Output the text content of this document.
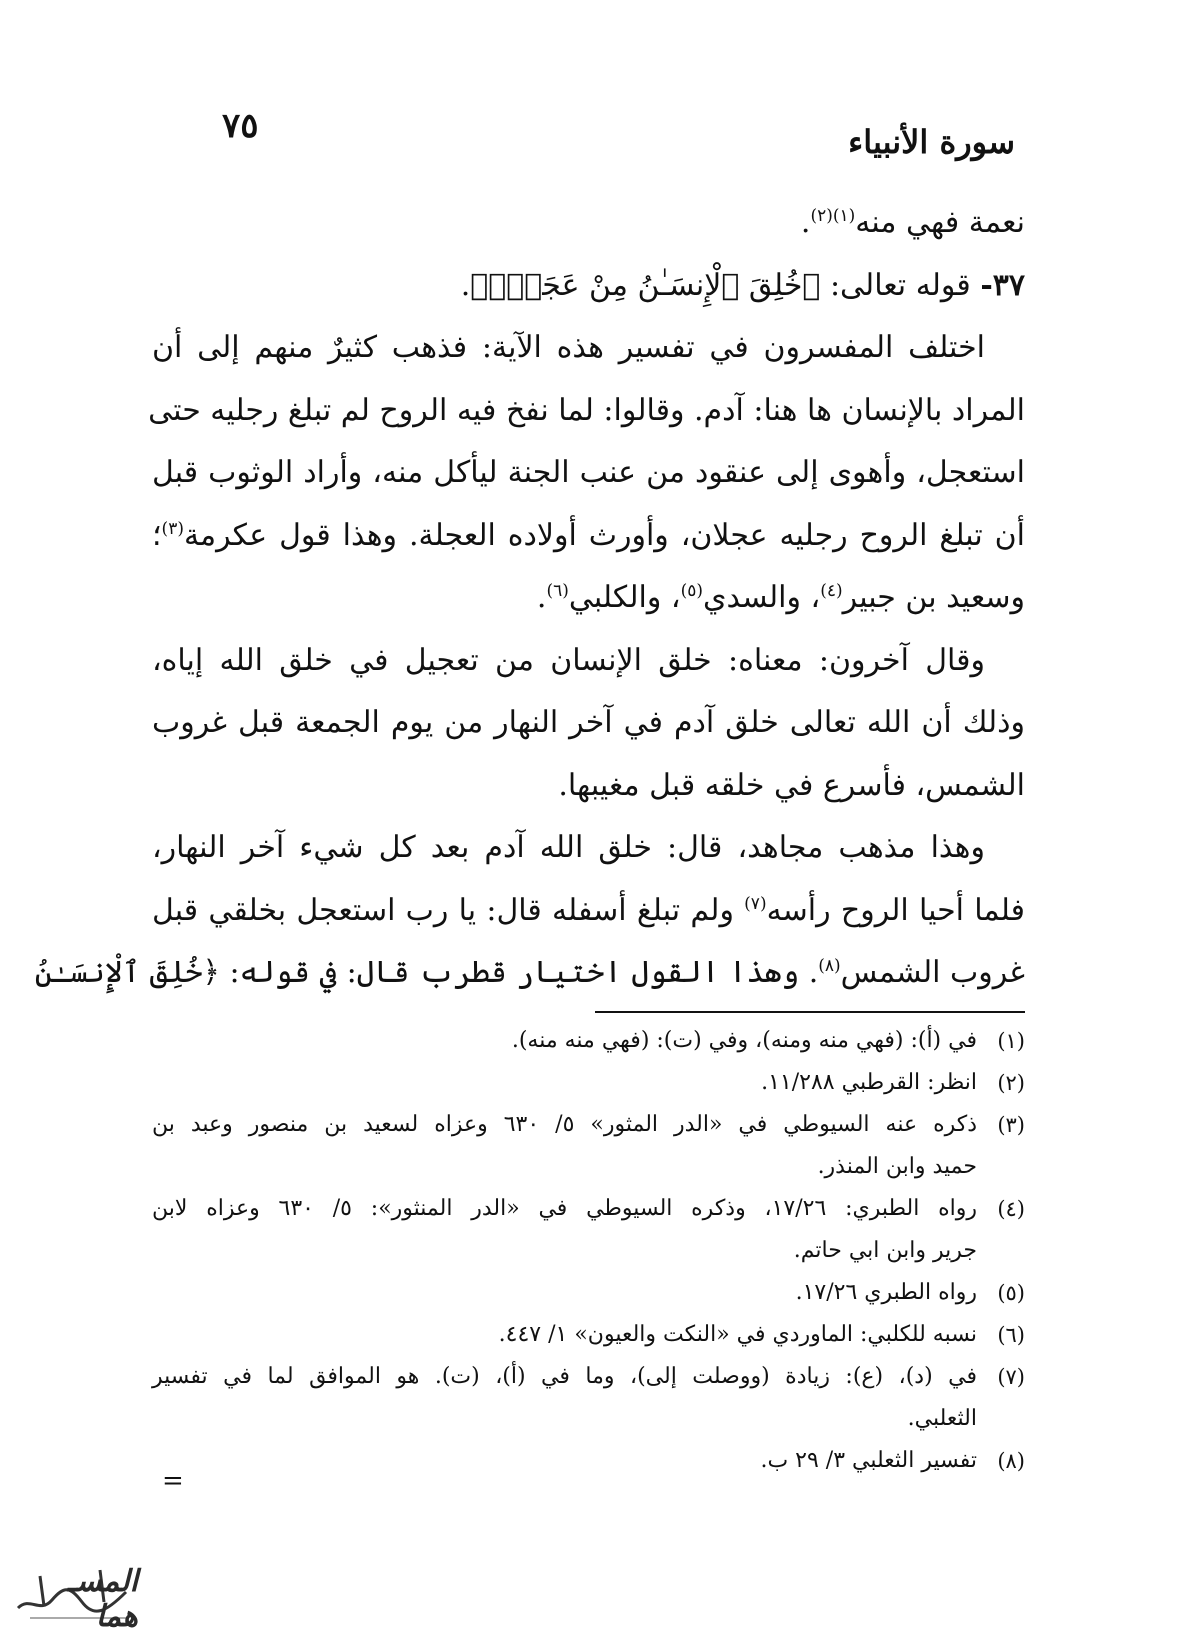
سورة الأنبياء
٧٥
نعمة فهي منه$^{(١)(٢)}$.
٣٧- قوله تعالى: ﴿خُلِقَ ٱلْإِنسَـٰنُ مِنْ عَجَلٍۚ﴾.
اختلف المفسرون في تفسير هذه الآية: فذهب كثيرٌ منهم إلى أن
المراد بالإنسان ها هنا: آدم. وقالوا: لما نفخ فيه الروح لم تبلغ رجليه حتى
استعجل، وأهوى إلى عنقود من عنب الجنة ليأكل منه، وأراد الوثوب قبل
أن تبلغ الروح رجليه عجلان، وأورث أولاده العجلة. وهذا قول عكرمة$^{(٣)}$؛
وسعيد بن جبير$^{(٤)}$، والسدي$^{(٥)}$، والكلبي$^{(٦)}$.
وقال آخرون: معناه: خلق الإنسان من تعجيل في خلق الله إياه،
وذلك أن الله تعالى خلق آدم في آخر النهار من يوم الجمعة قبل غروب
الشمس، فأسرع في خلقه قبل مغيبها.
وهذا مذهب مجاهد، قال: خلق الله آدم بعد كل شيء آخر النهار،
فلما أحيا الروح رأسه$^{(٧)}$ ولم تبلغ أسفله قال: يا رب استعجل بخلقي قبل
غروب الشمس$^{(٨)}$. وهذا القول اختيار قطرب قال: في قوله: ﴿خُلِقَ ٱلْإِنسَـٰنُ
(١)
في (أ): (فهي منه ومنه)، وفي (ت): (فهي منه منه).
(٢)
انظر: القرطبي ١١/٢٨٨.
(٣)
ذكره عنه السيوطي في «الدر المثور» ٥/ ٦٣٠ وعزاه لسعيد بن منصور وعبد بن
حميد وابن المنذر.
(٤)
رواه الطبري: ١٧/٢٦، وذكره السيوطي في «الدر المنثور»: ٥/ ٦٣٠ وعزاه لابن
جرير وابن ابي حاتم.
(٥)
رواه الطبري ١٧/٢٦.
(٦)
نسبه للكلبي: الماوردي في «النكت والعيون» ١/ ٤٤٧.
(٧)
في (د)، (ع): زيادة (ووصلت إلى)، وما في (أ)، (ت). هو الموافق لما في تفسير
الثعلبي.
(٨)
تفسير الثعلبي ٣/ ٢٩ ب.
=
المسـ هما
